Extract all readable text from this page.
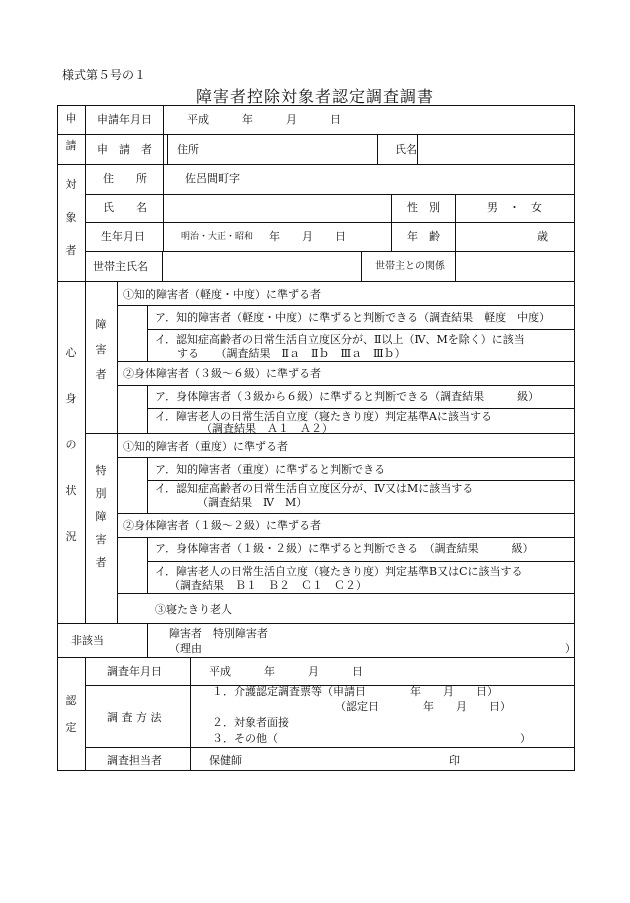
様式第５号の１
障害者控除対象者認定調査調書
申
請
申請年月日	平成　　　年　　　月　　　日
申　請　者 住所	氏名
対
象
者
住　　所	佐呂間町字
氏　　名	性　別	男　・　女
生年月日	明治・大正・昭和 年　　月　　日	年　齢	歳
世帯主氏名	世帯主との関係
心
身
の
状
況
障
害
者
①知的障害者（軽度・中度）に準ずる者
ア．知的障害者（軽度・中度）に準ずると判断できる（調査結果　軽度　中度）
イ．認知症高齢者の日常生活自立度区分が、Ⅱ以上（Ⅳ、Mを除く）に該当
する　　（調査結果　Ⅱａ　Ⅱｂ　Ⅲａ　Ⅲｂ）
②身体障害者（３級～６級）に準ずる者
ア．身体障害者（３級から６級）に準ずると判断できる（調査結果　　　級）
イ．障害老人の日常生活自立度（寝たきり度）判定基準Aに該当する
（調査結果　Ａ１　Ａ２）
特
別
障
害
者
①知的障害者（重度）に準ずる者
ア．知的障害者（重度）に準ずると判断できる
イ．認知症高齢者の日常生活自立度区分が、Ⅳ又はMに該当する
（調査結果　Ⅳ　M）
②身体障害者（１級～２級）に準ずる者
ア．身体障害者（１級・２級）に準ずると判断できる　（調査結果　　　級）
イ．障害老人の日常生活自立度（寝たきり度）判定基準B又はCに該当する
（調査結果　Ｂ１　Ｂ２　Ｃ１　Ｃ２）
③寝たきり老人
非該当
障害者　特別障害者
（理由　　　　　　　　　　　　　　　　　　　　　　　　　　　　　　　　　）
認
定
調査年月日	平成　　　年　　　月　　　日
調 査 方 法
１．介護認定調査票等（申請日　　　　年　　月　　日）
（認定日　　　　年　　月　　日）
２．対象者面接
３．その他（　　　　　　　　　　　　　　　　　　　　　　）
調査担当者	保健師	印
